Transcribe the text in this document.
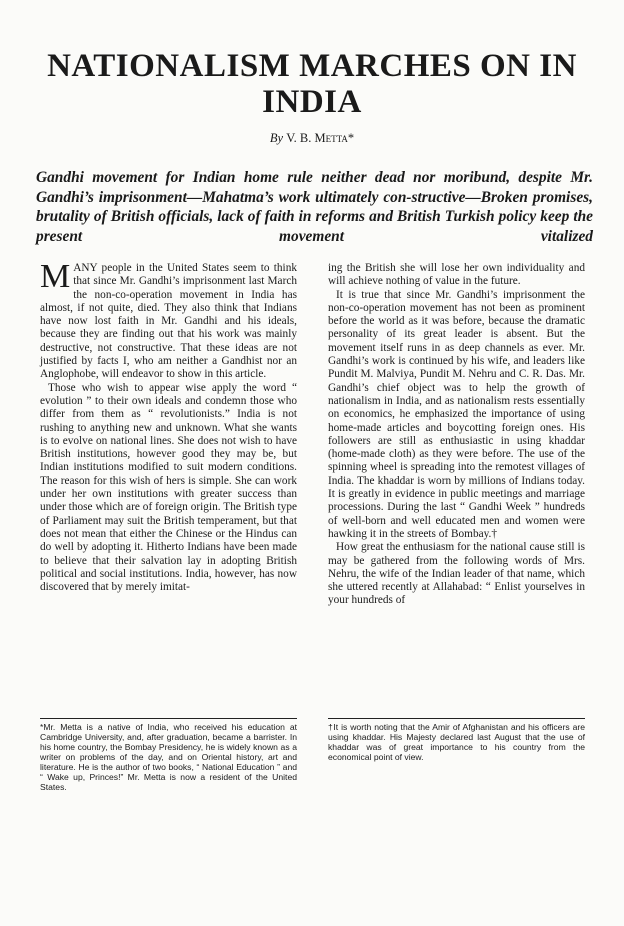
NATIONALISM MARCHES ON IN INDIA
By V. B. Metta*
Gandhi movement for Indian home rule neither dead nor moribund, despite Mr. Gandhi’s imprisonment—Mahatma’s work ultimately con-structive—Broken promises, brutality of British officials, lack of faith in reforms and British Turkish policy keep the present movement vitalized

MANY people in the United States seem to think that since Mr. Gandhi’s imprisonment last March the non-co-operation movement in India has almost, if not quite, died. They also think that Indians have now lost faith in Mr. Gandhi and his ideals, because they are finding out that his work was mainly destructive, not constructive. That these ideas are not justified by facts I, who am neither a Gandhist nor an Anglophobe, will endeavor to show in this article.

Those who wish to appear wise apply the word “ evolution ” to their own ideals and condemn those who differ from them as “ revolutionists.” India is not rushing to anything new and unknown. What she wants is to evolve on national lines. She does not wish to have British institutions, however good they may be, but Indian institutions modified to suit modern conditions. The reason for this wish of hers is simple. She can work under her own institutions with greater success than under those which are of foreign origin. The British type of Parliament may suit the British temperament, but that does not mean that either the Chinese or the Hindus can do well by adopting it. Hitherto Indians have been made to believe that their salvation lay in adopting British political and social institutions. India, however, has now discovered that by merely imitat-

ing the British she will lose her own individuality and will achieve nothing of value in the future.

It is true that since Mr. Gandhi’s imprisonment the non-co-operation movement has not been as prominent before the world as it was before, because the dramatic personality of its great leader is absent. But the movement itself runs in as deep channels as ever. Mr. Gandhi’s work is continued by his wife, and leaders like Pundit M. Malviya, Pundit M. Nehru and C. R. Das. Mr. Gandhi’s chief object was to help the growth of nationalism in India, and as nationalism rests essentially on economics, he emphasized the importance of using home-made articles and boycotting foreign ones. His followers are still as enthusiastic in using khaddar (home-made cloth) as they were before. The use of the spinning wheel is spreading into the remotest villages of India. The khaddar is worn by millions of Indians today. It is greatly in evidence in public meetings and marriage processions. During the last “ Gandhi Week ” hundreds of well-born and well educated men and women were hawking it in the streets of Bombay.†

How great the enthusiasm for the national cause still is may be gathered from the following words of Mrs. Nehru, the wife of the Indian leader of that name, which she uttered recently at Allahabad: “ Enlist yourselves in your hundreds of

*Mr. Metta is a native of India, who received his education at Cambridge University, and, after graduation, became a barrister. In his home country, the Bombay Presidency, he is widely known as a writer on problems of the day, and on Oriental history, art and literature. He is the author of two books, “ National Education ” and “ Wake up, Princes!” Mr. Metta is now a resident of the United States.
†It is worth noting that the Amir of Afghanistan and his officers are using khaddar. His Majesty declared last August that the use of khaddar was of great importance to his country from the economical point of view.
